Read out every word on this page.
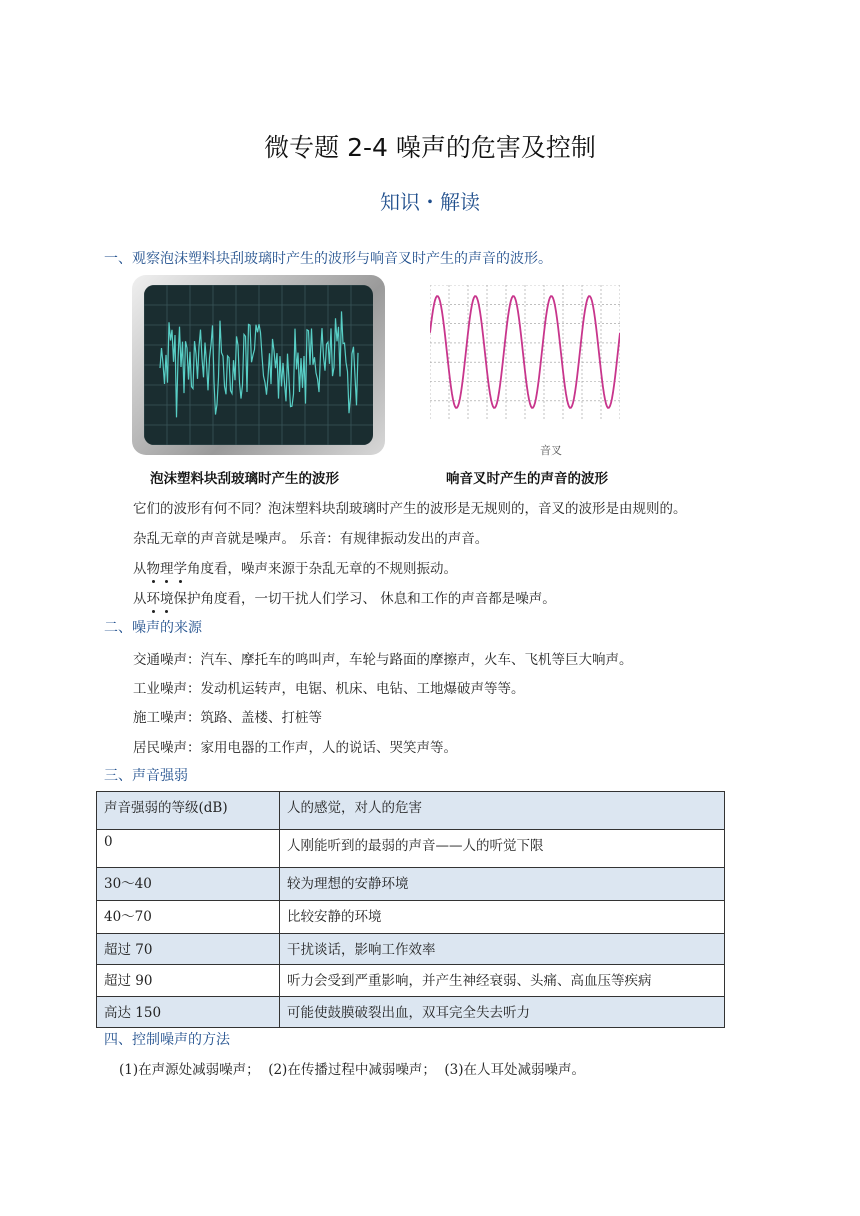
微专题 2-4 噪声的危害及控制
知识・解读
一、观察泡沫塑料块刮玻璃时产生的波形与响音叉时产生的声音的波形。
音叉
泡沫塑料块刮玻璃时产生的波形	响音叉时产生的声音的波形
它们的波形有何不同？泡沫塑料块刮玻璃时产生的波形是无规则的，音叉的波形是由规则的。
杂乱无章的声音就是噪声。 乐音：有规律振动发出的声音。
从物理学角度看，噪声来源于杂乱无章的不规则振动。
从环境保护角度看，一切干扰人们学习、 休息和工作的声音都是噪声。
二、噪声的来源
交通噪声：汽车、摩托车的鸣叫声，车轮与路面的摩擦声，火车、飞机等巨大响声。
工业噪声：发动机运转声，电锯、机床、电钻、工地爆破声等等。
施工噪声：筑路、盖楼、打桩等
居民噪声：家用电器的工作声，人的说话、哭笑声等。
三、声音强弱
声音强弱的等级(dB)	人的感觉，对人的危害
0	人刚能听到的最弱的声音——人的听觉下限
30～40	较为理想的安静环境
40～70	比较安静的环境
超过 70	干扰谈话，影响工作效率
超过 90	听力会受到严重影响，并产生神经衰弱、头痛、高血压等疾病
高达 150	可能使鼓膜破裂出血，双耳完全失去听力
四、控制噪声的方法
(1)在声源处减弱噪声；  (2)在传播过程中减弱噪声；  (3)在人耳处减弱噪声。
